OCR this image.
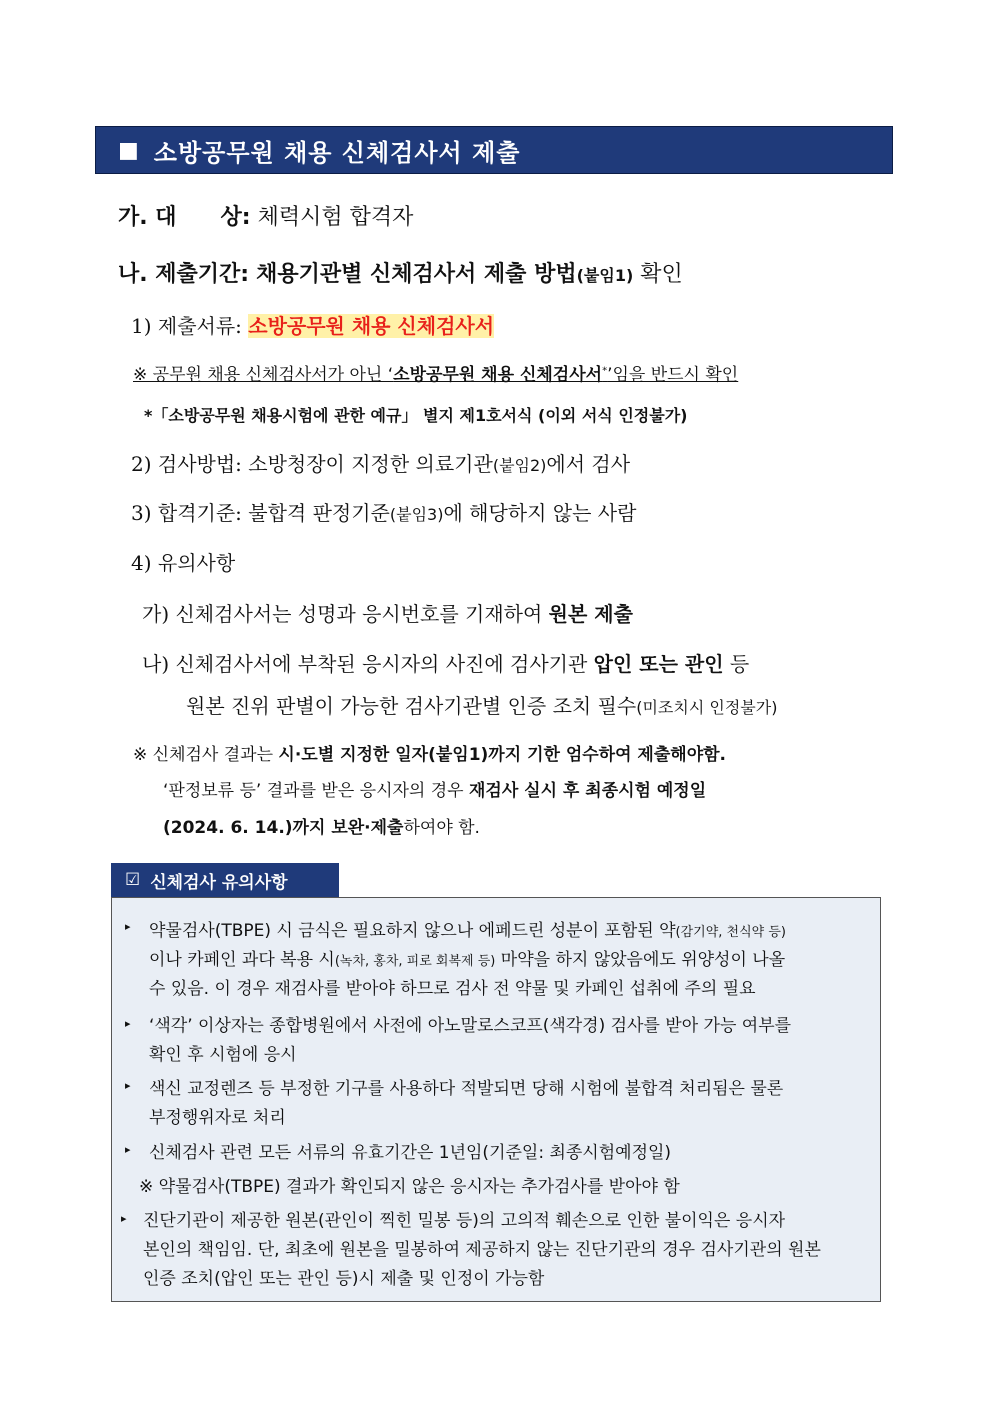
■ 소방공무원 채용 신체검사서 제출
가. 대　　상: 체력시험 합격자
나. 제출기간: 채용기관별 신체검사서 제출 방법(붙임1) 확인
1) 제출서류: 소방공무원 채용 신체검사서
※ 공무원 채용 신체검사서가 아닌 ‘소방공무원 채용 신체검사서*’임을 반드시 확인
*「소방공무원 채용시험에 관한 예규」 별지 제1호서식 (이외 서식 인정불가)
2) 검사방법: 소방청장이 지정한 의료기관(붙임2)에서 검사
3) 합격기준: 불합격 판정기준(붙임3)에 해당하지 않는 사람
4) 유의사항
가) 신체검사서는 성명과 응시번호를 기재하여 원본 제출
나) 신체검사서에 부착된 응시자의 사진에 검사기관 압인 또는 관인 등
원본 진위 판별이 가능한 검사기관별 인증 조치 필수(미조치시 인정불가)
※ 신체검사 결과는 시·도별 지정한 일자(붙임1)까지 기한 엄수하여 제출해야함.
‘판정보류 등’ 결과를 받은 응시자의 경우 재검사 실시 후 최종시험 예정일
(2024. 6. 14.)까지 보완·제출하여야 함.
☑ 신체검사 유의사항
▸ 약물검사(TBPE) 시 금식은 필요하지 않으나 에페드린 성분이 포함된 약(감기약, 천식약 등)
이나 카페인 과다 복용 시(녹차, 홍차, 피로 회복제 등) 마약을 하지 않았음에도 위양성이 나올
수 있음. 이 경우 재검사를 받아야 하므로 검사 전 약물 및 카페인 섭취에 주의 필요
▸ ‘색각’ 이상자는 종합병원에서 사전에 아노말로스코프(색각경) 검사를 받아 가능 여부를
확인 후 시험에 응시
▸ 색신 교정렌즈 등 부정한 기구를 사용하다 적발되면 당해 시험에 불합격 처리됨은 물론
부정행위자로 처리
▸ 신체검사 관련 모든 서류의 유효기간은 1년임(기준일: 최종시험예정일)
※ 약물검사(TBPE) 결과가 확인되지 않은 응시자는 추가검사를 받아야 함
▸ 진단기관이 제공한 원본(관인이 찍힌 밀봉 등)의 고의적 훼손으로 인한 불이익은 응시자
본인의 책임임. 단, 최초에 원본을 밀봉하여 제공하지 않는 진단기관의 경우 검사기관의 원본
인증 조치(압인 또는 관인 등)시 제출 및 인정이 가능함
